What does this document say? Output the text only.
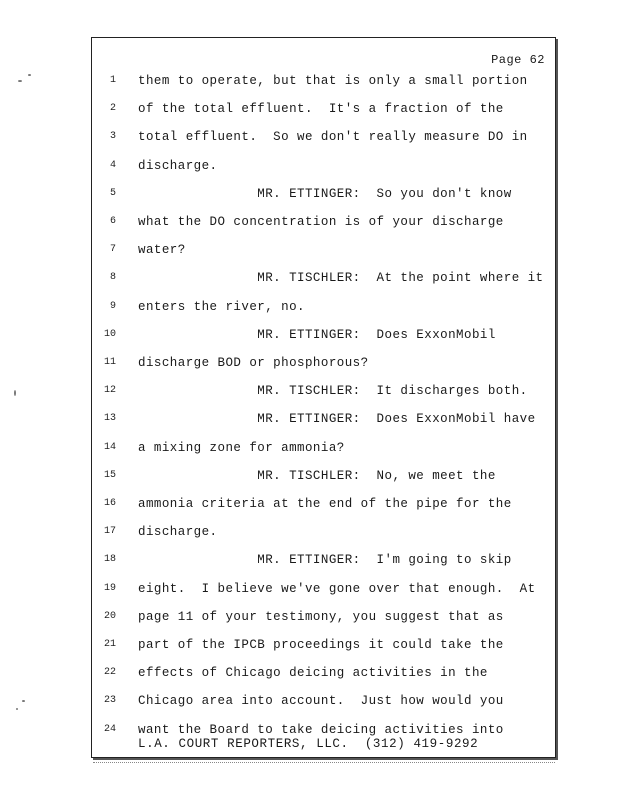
Page 62
1 them to operate, but that is only a small portion
2 of the total effluent.  It's a fraction of the
3 total effluent.  So we don't really measure DO in
4 discharge.
5 MR. ETTINGER:  So you don't know
6 what the DO concentration is of your discharge
7 water?
8 MR. TISCHLER:  At the point where it
9 enters the river, no.
10 MR. ETTINGER:  Does ExxonMobil
11 discharge BOD or phosphorous?
12 MR. TISCHLER:  It discharges both.
13 MR. ETTINGER:  Does ExxonMobil have
14 a mixing zone for ammonia?
15 MR. TISCHLER:  No, we meet the
16 ammonia criteria at the end of the pipe for the
17 discharge.
18 MR. ETTINGER:  I'm going to skip
19 eight.  I believe we've gone over that enough.  At
20 page 11 of your testimony, you suggest that as
21 part of the IPCB proceedings it could take the
22 effects of Chicago deicing activities in the
23 Chicago area into account.  Just how would you
24 want the Board to take deicing activities into
L.A. COURT REPORTERS, LLC.  (312) 419-9292
